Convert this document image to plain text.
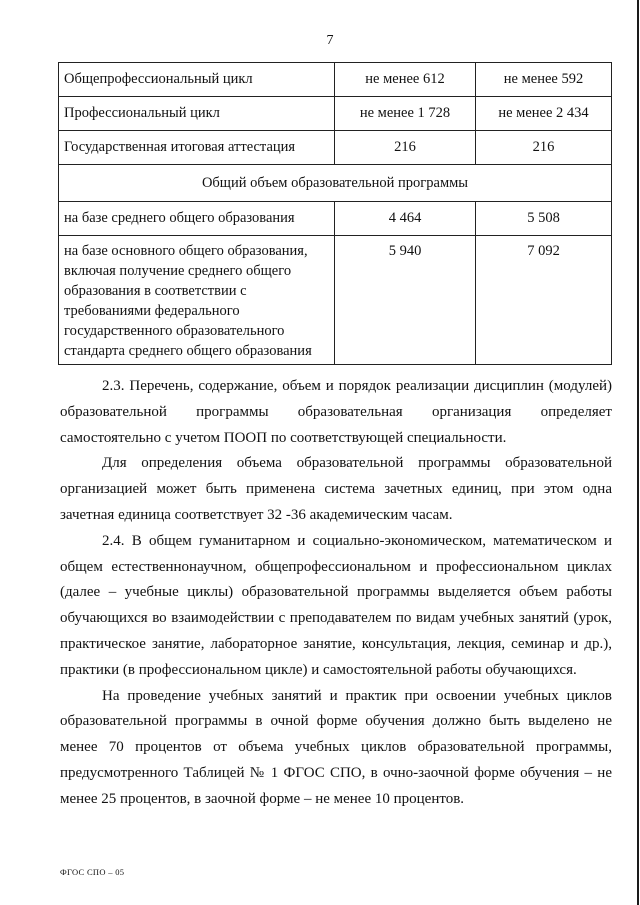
7
Общепрофессиональный цикл	не менее 612	не менее 592
Профессиональный цикл	не менее 1 728	не менее 2 434
Государственная итоговая аттестация	216	216
Общий объем образовательной программы		
на базе среднего общего образования	4 464	5 508
на базе основного общего образования, включая получение среднего общего образования в соответствии с требованиями федерального государственного образовательного стандарта среднего общего образования	5 940	7 092

2.3. Перечень, содержание, объем и порядок реализации дисциплин (модулей) образовательной программы образовательная организация определяет самостоятельно с учетом ПООП по соответствующей специальности.

Для определения объема образовательной программы образовательной организацией может быть применена система зачетных единиц, при этом одна зачетная единица соответствует 32 -36 академическим часам.

2.4. В общем гуманитарном и социально-экономическом, математическом и общем естественнонаучном, общепрофессиональном и профессиональном циклах (далее – учебные циклы) образовательной программы выделяется объем работы обучающихся во взаимодействии с преподавателем по видам учебных занятий (урок, практическое занятие, лабораторное занятие, консультация, лекция, семинар и др.), практики (в профессиональном цикле) и самостоятельной работы обучающихся.

На проведение учебных занятий и практик при освоении учебных циклов образовательной программы в очной форме обучения должно быть выделено не менее 70 процентов от объема учебных циклов образовательной программы, предусмотренного Таблицей № 1 ФГОС СПО, в очно-заочной форме обучения – не менее 25 процентов, в заочной форме – не менее 10 процентов.

ФГОС СПО – 05
